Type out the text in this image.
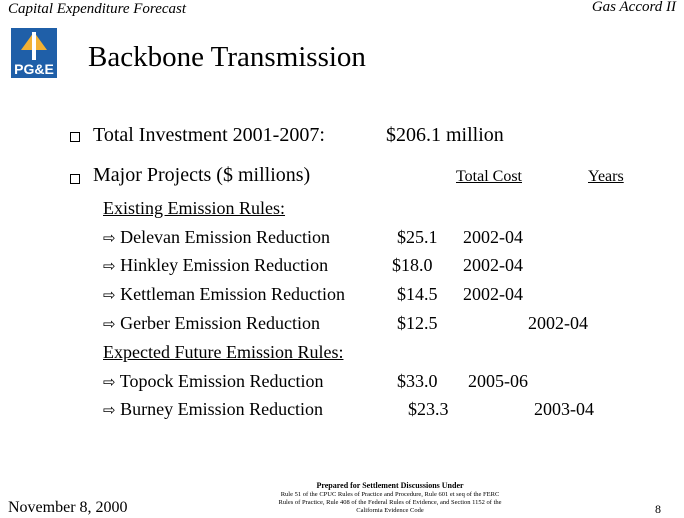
Capital Expenditure Forecast	Gas Accord II
PG&E Backbone Transmission
Total Investment 2001-2007:	$206.1 million
Major Projects ($ millions)	Total Cost	Years
Existing Emission Rules:
⇨ Delevan Emission Reduction	$25.1 2002-04
⇨ Hinkley Emission Reduction	$18.0 2002-04
⇨ Kettleman Emission Reduction	$14.5 2002-04
⇨ Gerber Emission Reduction	$12.5	2002-04
Expected Future Emission Rules:
⇨ Topock Emission Reduction	$33.0 2005-06
⇨ Burney Emission Reduction	$23.3	2003-04
November 8, 2000
Prepared for Settlement Discussions Under
Rule 51 of the CPUC Rules of Practice and Procedure, Rule 601 et seq of the FERC Rules of Practice, Rule 408 of the Federal Rules of Evidence, and Section 1152 of the California Evidence Code	8
